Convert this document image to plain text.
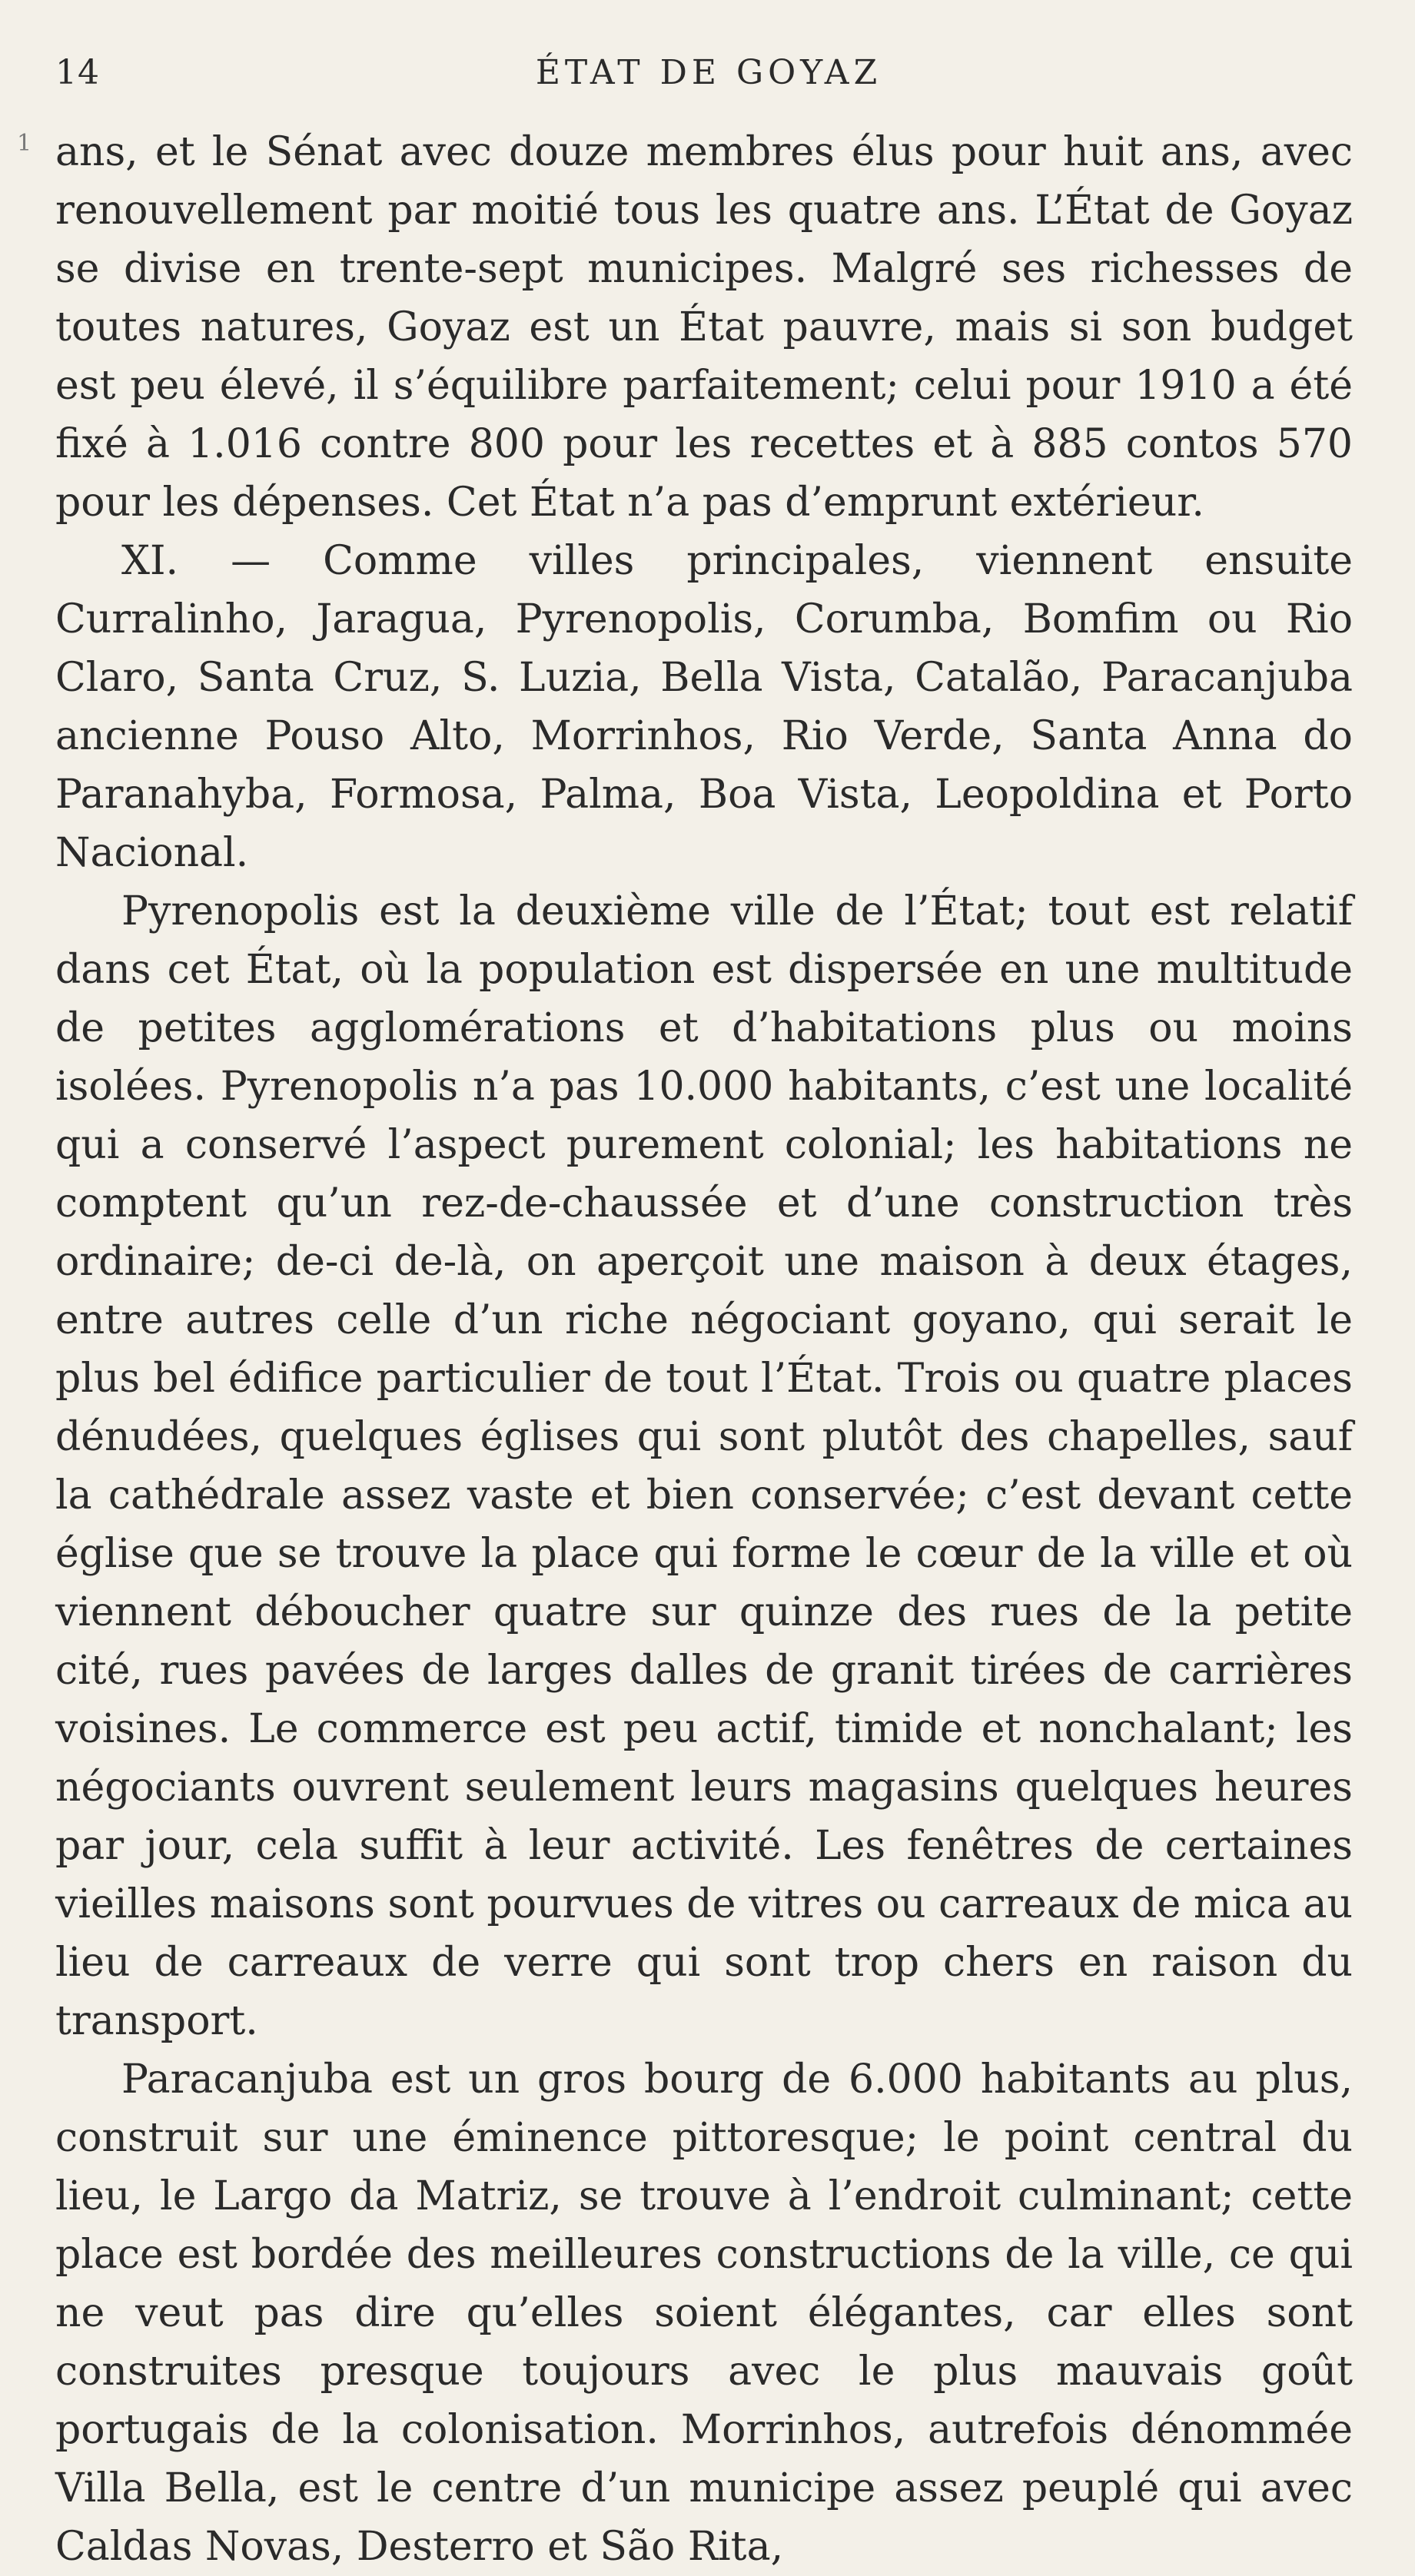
14	ÉTAT DE GOYAZ
1 ans, et le Sénat avec douze membres élus pour huit ans, avec renouvellement par moitié tous les quatre ans. L’État de Goyaz se divise en trente-sept municipes. Malgré ses richesses de toutes natures, Goyaz est un État pauvre, mais si son budget est peu élevé, il s’équilibre parfaitement; celui pour 1910 a été fixé à 1.016 contre 800 pour les recettes et à 885 contos 570 pour les dépenses. Cet État n’a pas d’emprunt extérieur.

XI. — Comme villes principales, viennent ensuite Curralinho, Jaragua, Pyrenopolis, Corumba, Bomfim ou Rio Claro, Santa Cruz, S. Luzia, Bella Vista, Catalão, Paracanjuba ancienne Pouso Alto, Morrinhos, Rio Verde, Santa Anna do Paranahyba, Formosa, Palma, Boa Vista, Leopoldina et Porto Nacional.

Pyrenopolis est la deuxième ville de l’État; tout est relatif dans cet État, où la population est dispersée en une multitude de petites agglomérations et d’habitations plus ou moins isolées. Pyrenopolis n’a pas 10.000 habitants, c’est une localité qui a conservé l’aspect purement colonial; les habitations ne comptent qu’un rez-de-chaussée et d’une construction très ordinaire; de-ci de-là, on aperçoit une maison à deux étages, entre autres celle d’un riche négociant goyano, qui serait le plus bel édifice particulier de tout l’État. Trois ou quatre places dénudées, quelques églises qui sont plutôt des chapelles, sauf la cathédrale assez vaste et bien conservée; c’est devant cette église que se trouve la place qui forme le cœur de la ville et où viennent déboucher quatre sur quinze des rues de la petite cité, rues pavées de larges dalles de granit tirées de carrières voisines. Le commerce est peu actif, timide et nonchalant; les négociants ouvrent seulement leurs magasins quelques heures par jour, cela suffit à leur activité. Les fenêtres de certaines vieilles maisons sont pourvues de vitres ou carreaux de mica au lieu de carreaux de verre qui sont trop chers en raison du transport.

Paracanjuba est un gros bourg de 6.000 habitants au plus, construit sur une éminence pittoresque; le point central du lieu, le Largo da Matriz, se trouve à l’endroit culminant; cette place est bordée des meilleures constructions de la ville, ce qui ne veut pas dire qu’elles soient élégantes, car elles sont construites presque toujours avec le plus mauvais goût portugais de la colonisation. Morrinhos, autrefois dénommée Villa Bella, est le centre d’un municipe assez peuplé qui avec Caldas Novas, Desterro et São Rita,
